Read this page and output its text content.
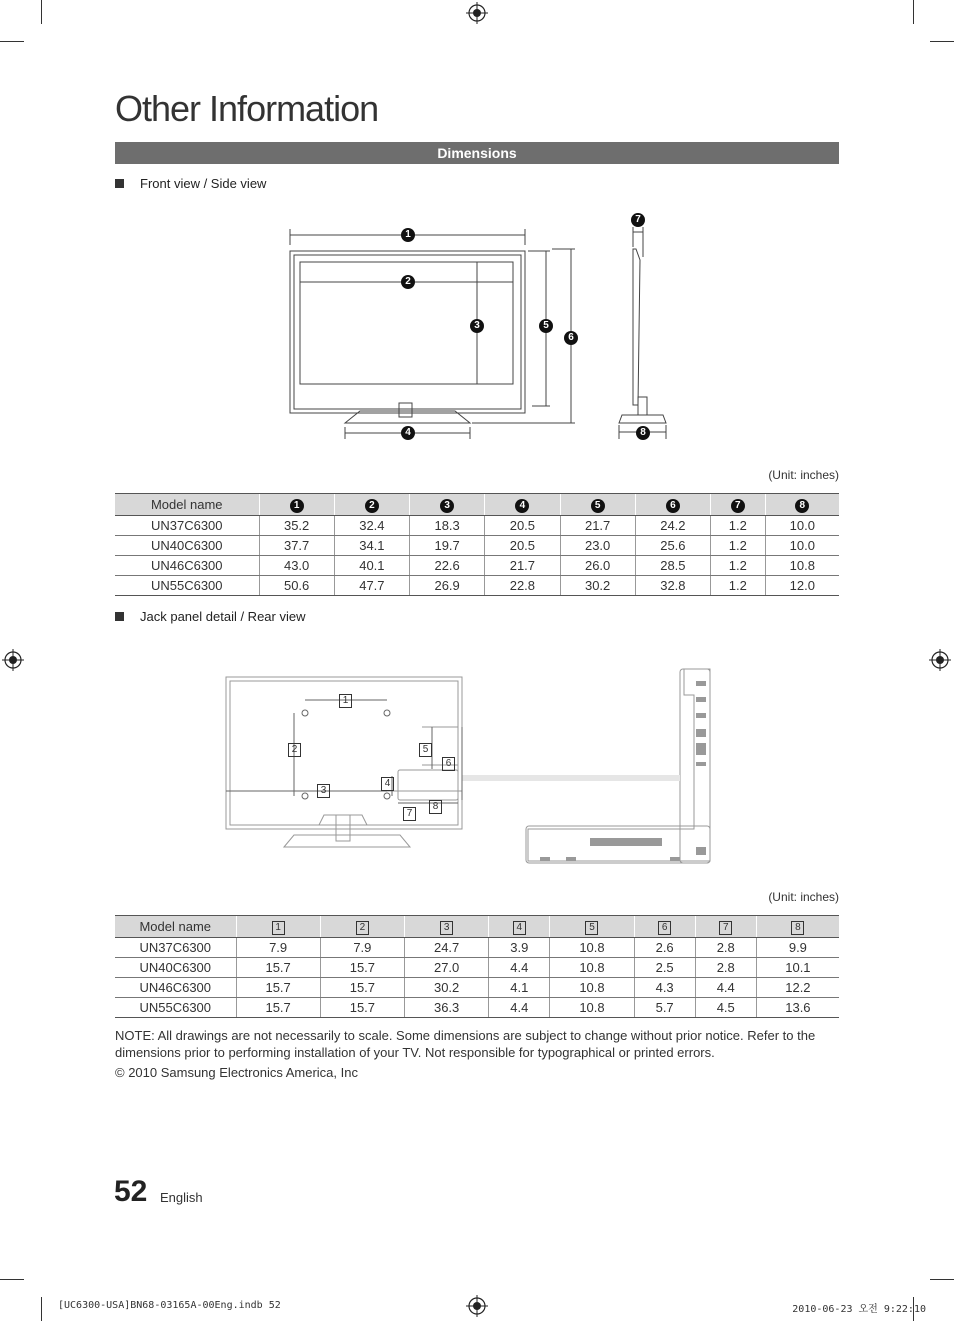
Other Information
Dimensions
Front view / Side view
1
2
3
4
5
6
7
8
(Unit: inches)
Model name	1	2	3	4	5	6	7	8
UN37C6300	35.2	32.4	18.3	20.5	21.7	24.2	1.2	10.0
UN40C6300	37.7	34.1	19.7	20.5	23.0	25.6	1.2	10.0
UN46C6300	43.0	40.1	22.6	21.7	26.0	28.5	1.2	10.8
UN55C6300	50.6	47.7	26.9	22.8	30.2	32.8	1.2	12.0
Jack panel detail / Rear view
1
2
3
4
5
6
7
8
(Unit: inches)
Model name	1	2	3	4	5	6	7	8
UN37C6300	7.9	7.9	24.7	3.9	10.8	2.6	2.8	9.9
UN40C6300	15.7	15.7	27.0	4.4	10.8	2.5	2.8	10.1
UN46C6300	15.7	15.7	30.2	4.1	10.8	4.3	4.4	12.2
UN55C6300	15.7	15.7	36.3	4.4	10.8	5.7	4.5	13.6
NOTE: All drawings are not necessarily to scale. Some dimensions are subject to change without prior notice. Refer to the dimensions prior to performing installation of your TV. Not responsible for typographical or printed errors.
© 2010 Samsung Electronics America, Inc
52 English
[UC6300-USA]BN68-03165A-00Eng.indb 52	2010-06-23 오전 9:22:10
